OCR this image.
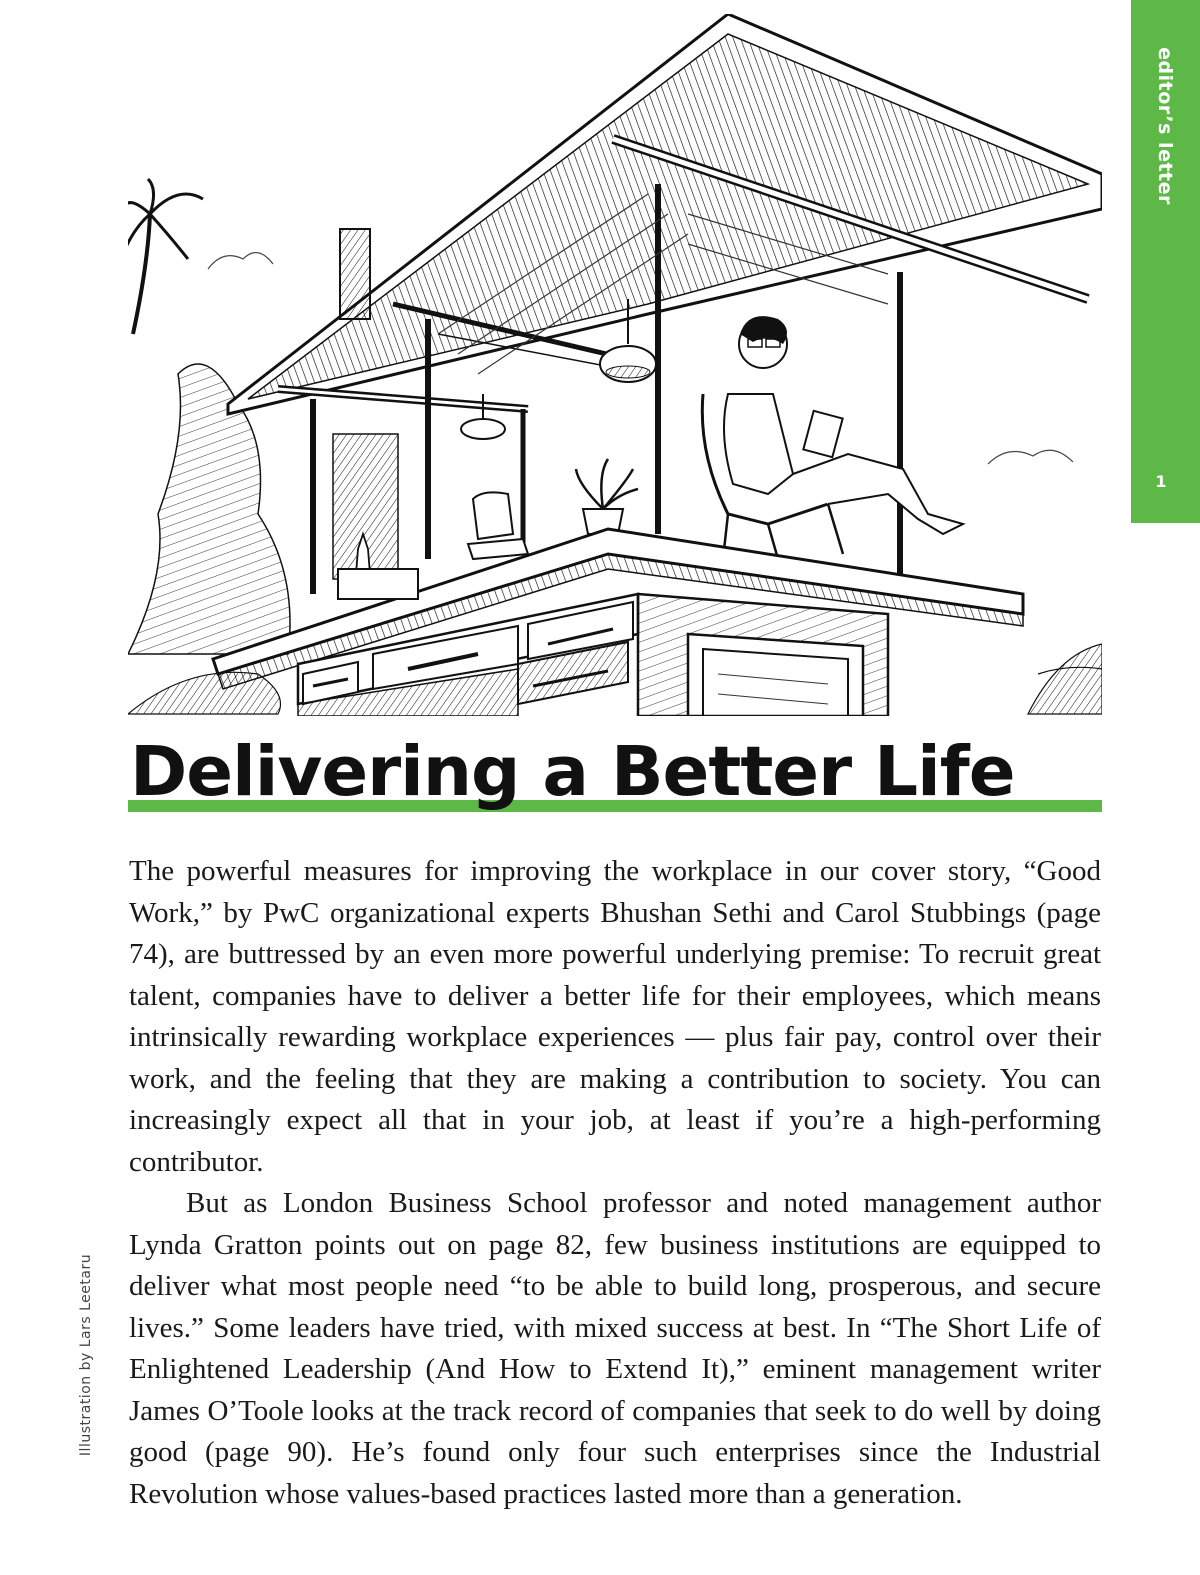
editor’s letter
1
Illustration by Lars Leetaru
Delivering a Better Life

The powerful measures for improving the workplace in our cover story, “Good Work,” by PwC organizational experts Bhushan Sethi and Carol Stubbings (page 74), are buttressed by an even more powerful underlying premise: To recruit great talent, companies have to deliver a better life for their employees, which means intrinsically rewarding workplace experiences — plus fair pay, control over their work, and the feeling that they are making a contribution to society. You can increasingly expect all that in your job, at least if you’re a high-performing contributor.

But as London Business School professor and noted management author Lynda Gratton points out on page 82, few business institutions are equipped to deliver what most people need “to be able to build long, prosperous, and secure lives.” Some leaders have tried, with mixed success at best. In “The Short Life of Enlightened Leadership (And How to Extend It),” eminent management writer James O’Toole looks at the track record of companies that seek to do well by doing good (page 90). He’s found only four such enterprises since the Industrial Revolution whose values-based practices lasted more than a generation.
